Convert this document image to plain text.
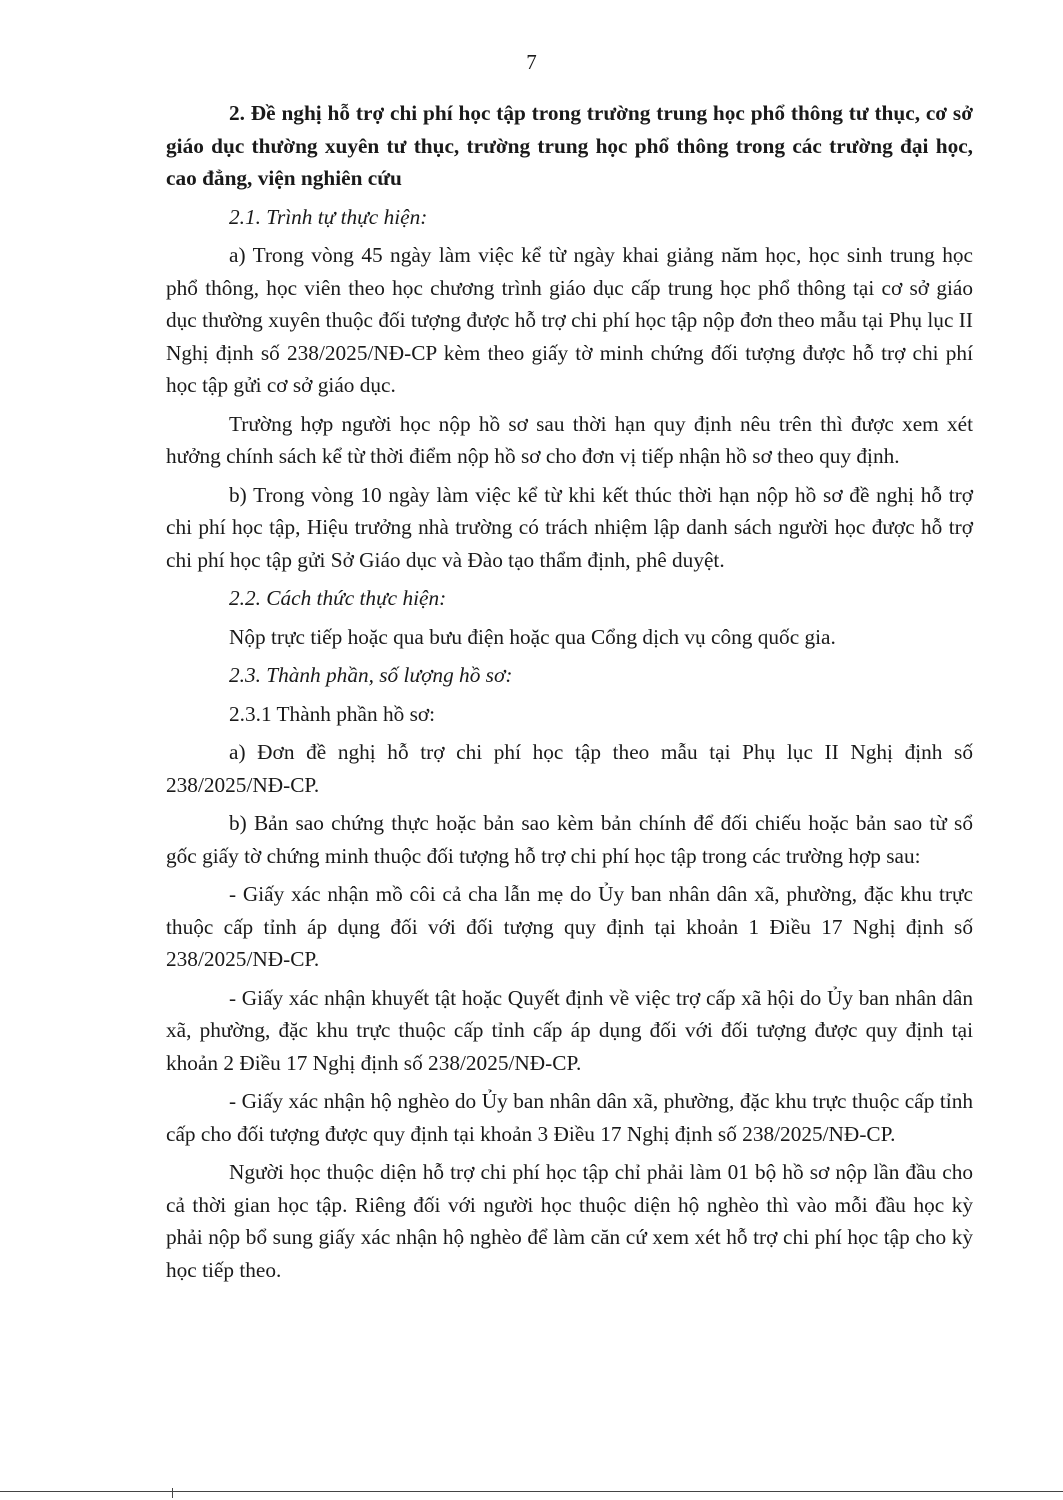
7

2. Đề nghị hỗ trợ chi phí học tập trong trường trung học phổ thông tư thục, cơ sở giáo dục thường xuyên tư thục, trường trung học phổ thông trong các trường đại học, cao đẳng, viện nghiên cứu

2.1. Trình tự thực hiện:

a) Trong vòng 45 ngày làm việc kể từ ngày khai giảng năm học, học sinh trung học phổ thông, học viên theo học chương trình giáo dục cấp trung học phổ thông tại cơ sở giáo dục thường xuyên thuộc đối tượng được hỗ trợ chi phí học tập nộp đơn theo mẫu tại Phụ lục II Nghị định số 238/2025/NĐ-CP kèm theo giấy tờ minh chứng đối tượng được hỗ trợ chi phí học tập gửi cơ sở giáo dục.

Trường hợp người học nộp hồ sơ sau thời hạn quy định nêu trên thì được xem xét hưởng chính sách kể từ thời điểm nộp hồ sơ cho đơn vị tiếp nhận hồ sơ theo quy định.

b) Trong vòng 10 ngày làm việc kể từ khi kết thúc thời hạn nộp hồ sơ đề nghị hỗ trợ chi phí học tập, Hiệu trưởng nhà trường có trách nhiệm lập danh sách người học được hỗ trợ chi phí học tập gửi Sở Giáo dục và Đào tạo thẩm định, phê duyệt.

2.2. Cách thức thực hiện:

Nộp trực tiếp hoặc qua bưu điện hoặc qua Cổng dịch vụ công quốc gia.

2.3. Thành phần, số lượng hồ sơ:

2.3.1 Thành phần hồ sơ:

a) Đơn đề nghị hỗ trợ chi phí học tập theo mẫu tại Phụ lục II Nghị định số 238/2025/NĐ-CP.

b) Bản sao chứng thực hoặc bản sao kèm bản chính để đối chiếu hoặc bản sao từ sổ gốc giấy tờ chứng minh thuộc đối tượng hỗ trợ chi phí học tập trong các trường hợp sau:

- Giấy xác nhận mồ côi cả cha lẫn mẹ do Ủy ban nhân dân xã, phường, đặc khu trực thuộc cấp tỉnh áp dụng đối với đối tượng quy định tại khoản 1 Điều 17 Nghị định số 238/2025/NĐ-CP.

- Giấy xác nhận khuyết tật hoặc Quyết định về việc trợ cấp xã hội do Ủy ban nhân dân xã, phường, đặc khu trực thuộc cấp tỉnh cấp áp dụng đối với đối tượng được quy định tại khoản 2 Điều 17 Nghị định số 238/2025/NĐ-CP.

- Giấy xác nhận hộ nghèo do Ủy ban nhân dân xã, phường, đặc khu trực thuộc cấp tỉnh cấp cho đối tượng được quy định tại khoản 3 Điều 17 Nghị định số 238/2025/NĐ-CP.

Người học thuộc diện hỗ trợ chi phí học tập chỉ phải làm 01 bộ hồ sơ nộp lần đầu cho cả thời gian học tập. Riêng đối với người học thuộc diện hộ nghèo thì vào mỗi đầu học kỳ phải nộp bổ sung giấy xác nhận hộ nghèo để làm căn cứ xem xét hỗ trợ chi phí học tập cho kỳ học tiếp theo.
